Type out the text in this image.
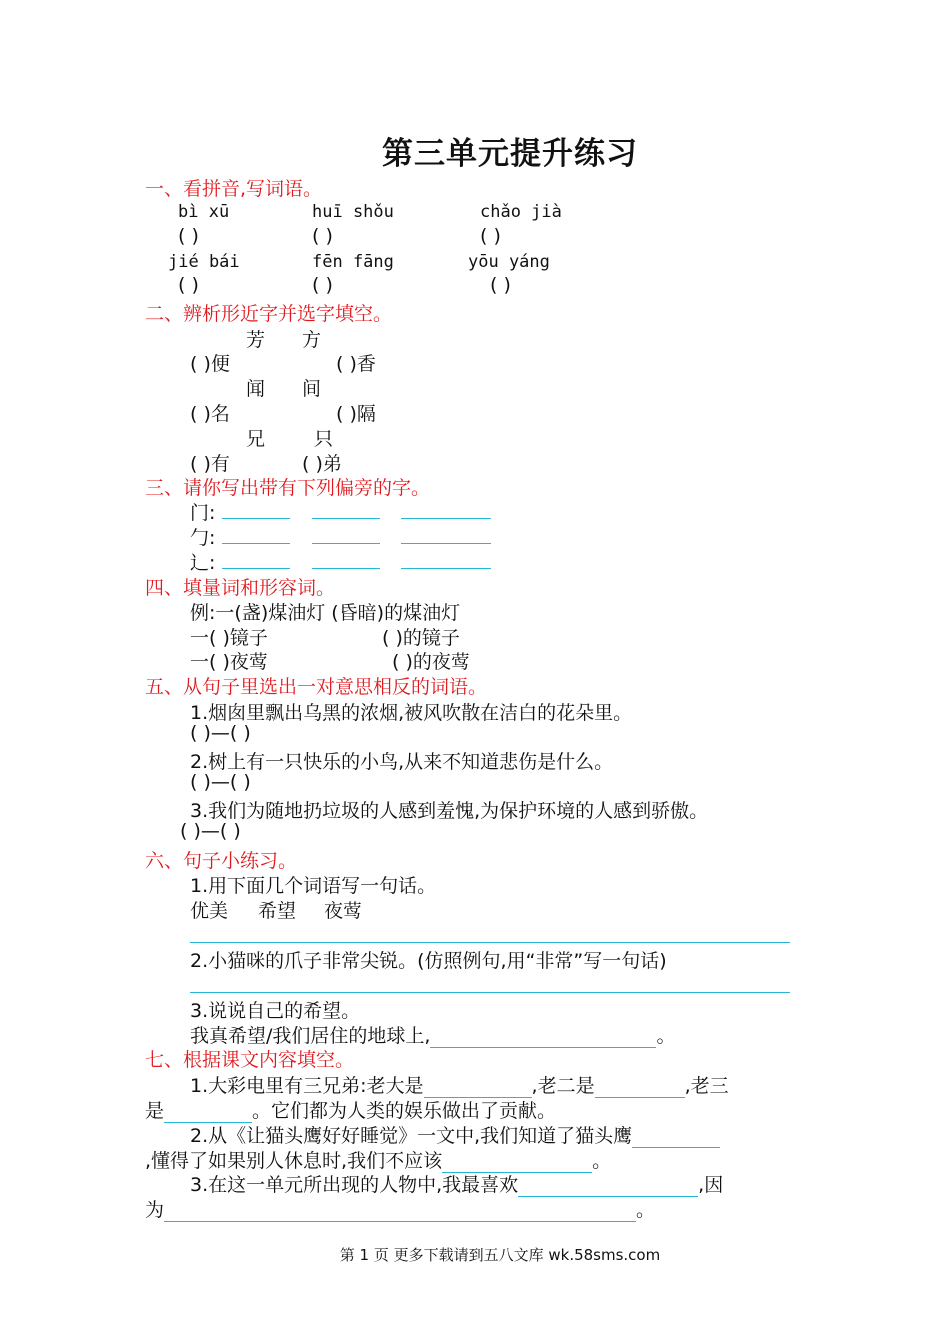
第三单元提升练习
一、看拼音,写词语。
bì xū	huī shǒu	chǎo jià
( )	( )	( )
jié bái	fēn fāng	yōu yáng
( )	( )	( )
二、辨析形近字并选字填空。
芳 方
( )便	( )香
闻 间
( )名	( )隔
兄	只
( )有	( )弟
三、请你写出带有下列偏旁的字。
门:
勹:
辶:
四、填量词和形容词。
例:一(盏)煤油灯 (昏暗)的煤油灯
一( )镜子	( )的镜子
一( )夜莺	( )的夜莺
五、从句子里选出一对意思相反的词语。
1.烟囱里飘出乌黑的浓烟,被风吹散在洁白的花朵里。
( )—( )
2.树上有一只快乐的小鸟,从来不知道悲伤是什么。
( )—( )
3.我们为随地扔垃圾的人感到羞愧,为保护环境的人感到骄傲。
( )—( )
六、句子小练习。
1.用下面几个词语写一句话。
优美 希望 夜莺
2.小猫咪的爪子非常尖锐。(仿照例句,用“非常”写一句话)
3.说说自己的希望。
我真希望/我们居住的地球上,	。
七、根据课文内容填空。
1.大彩电里有三兄弟:老大是	,老二是	,老三
是	。它们都为人类的娱乐做出了贡献。
2.从《让猫头鹰好好睡觉》一文中,我们知道了猫头鹰
,懂得了如果别人休息时,我们不应该	。
3.在这一单元所出现的人物中,我最喜欢	,因
为	。
第 1 页 更多下载请到五八文库 wk.58sms.com
